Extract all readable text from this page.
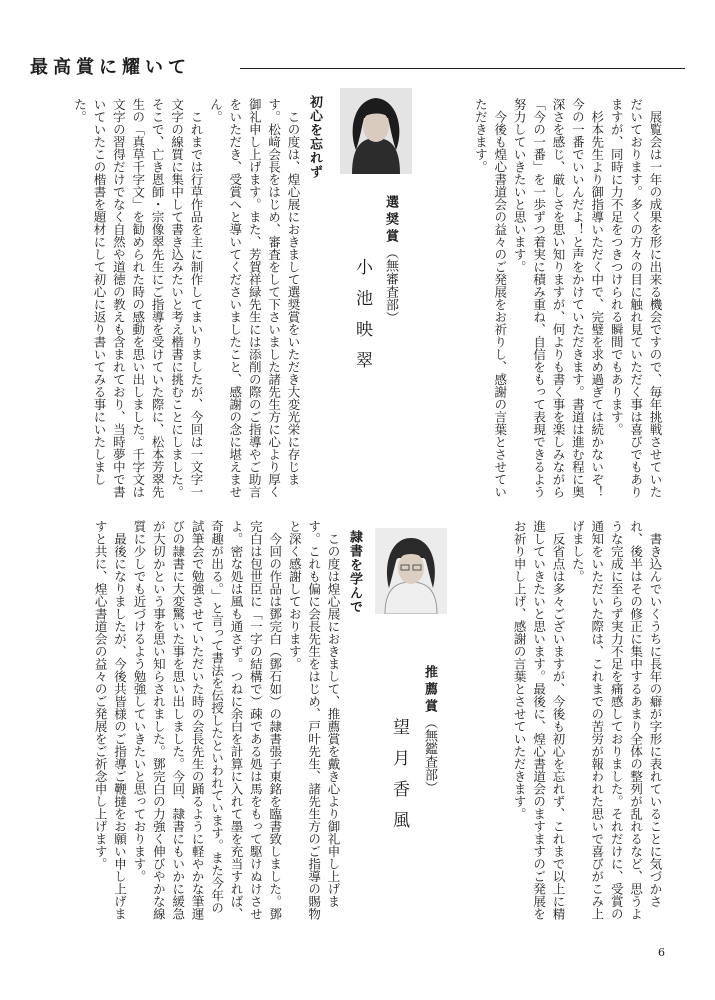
最高賞に耀いて

展覧会は一年の成果を形に出来る機会ですので、毎年挑戦させていただいております。多くの方々の目に触れ見ていただく事は喜びでもありますが、同時に力不足をつきつけられる瞬間でもあります。

杉本先生より御指導いただく中で、完璧を求め過ぎては続かないぞ！今の一番でいいんだよ！と声をかけていただきます。書道は進む程に奥深さを感じ、厳しさを思い知りますが、何よりも書く事を楽しみながら「今の一番」を一歩ずつ着実に積み重ね、自信をもって表現できるよう努力していきたいと思います。

今後も煌心書道会の益々のご発展をお祈りし、感謝の言葉とさせていただきます。

選奨賞（無審査部）
小池映翠
初心を忘れず

この度は、煌心展におきまして選奨賞をいただき大変光栄に存じます。松﨑会長をはじめ、審査をして下さいました諸先生方に心より厚く御礼申し上げます。また、芳賀祥緑先生には添削の際のご指導やご助言をいただき、受賞へと導いてくださいましたこと、感謝の念に堪えません。

これまでは行草作品を主に制作してまいりましたが、今回は一文字一文字の線質に集中して書き込みたいと考え楷書に挑むことにしました。そこで、亡き恩師・宗像翠先生にご指導を受けていた際に、松本芳翠先生の「真草千字文」を勧められた時の感動を思い出しました。千字文は文字の習得だけでなく自然や道徳の教えも含まれており、当時夢中で書いていたこの楷書を題材にして初心に返り書いてみる事にいたしました。

書き込んでいくうちに長年の癖が字形に表れていることに気づかされ、後半はその修正に集中するあまり全体の整列が乱れるなど、思うような完成に至らず実力不足を痛感しておりました。それだけに、受賞の通知をいただいた際は、これまでの苦労が報われた思いで喜びがこみ上げました。

反省点は多々ございますが、今後も初心を忘れず、これまで以上に精進していきたいと思います。最後に、煌心書道会のますますのご発展をお祈り申し上げ、感謝の言葉とさせていただきます。

推薦賞（無鑑査部）
望月香風
隷書を学んで

この度は煌心展におきまして、推薦賞を戴き心より御礼申し上げます。これも偏に会長先生をはじめ、戸叶先生、諸先生方のご指導の賜物と深く感謝しております。

今回の作品は鄧完白（鄧石如）の隷書張子東銘を臨書致しました。鄧完白は包世臣に「一字の結構で）疎である処は馬をもって駆けぬけさせよ。密な処は風も通さず。つねに余白を計算に入れて墨を充当すれば、奇趣が出る。」と言って書法を伝授したといわれています。また今年の試筆会で勉強させていただいた時の会長先生の踊るように軽やかな筆運びの隷書に大変驚いた事を思い出しました。今回、隷書にもいかに緩急が大切かという事を思い知らされました。鄧完白の力強く伸びやかな線質に少しでも近づけるよう勉強していきたいと思っております。

最後になりましたが、今後共皆様のご指導ご鞭撻をお願い申し上げますと共に、煌心書道会の益々のご発展をご祈念申し上げます。

6
